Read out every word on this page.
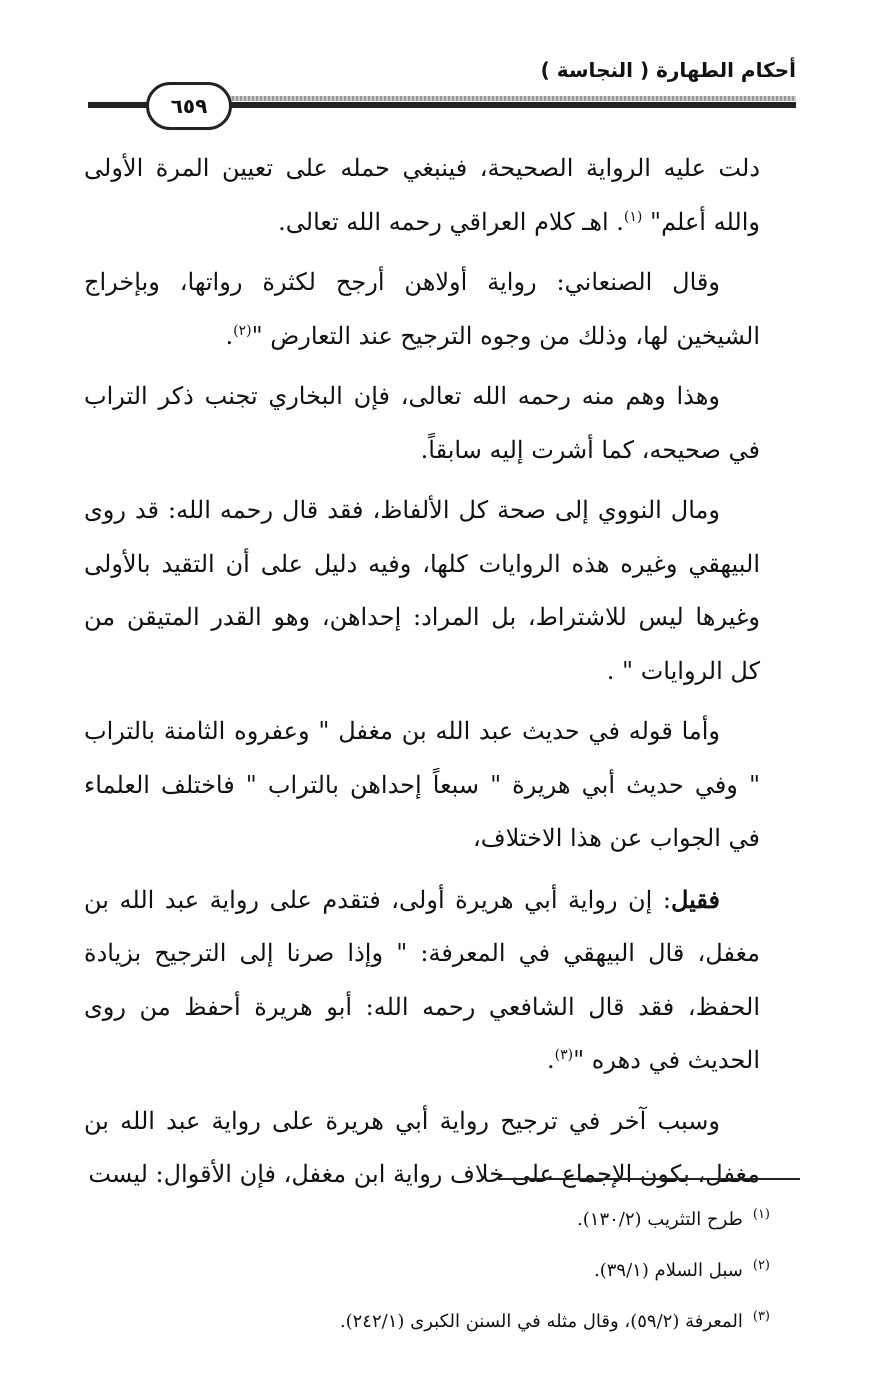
أحكام الطهارة ( النجاسة )
٦٥٩

دلت عليه الرواية الصحيحة، فينبغي حمله على تعيين المرة الأولى والله أعلم" $^{(١)}$. اهـ كلام العراقي رحمه الله تعالى.

وقال الصنعاني: رواية أولاهن أرجح لكثرة رواتها، وبإخراج الشيخين لها، وذلك من وجوه الترجيح عند التعارض "$^{(٢)}$.

وهذا وهم منه رحمه الله تعالى، فإن البخاري تجنب ذكر التراب في صحيحه، كما أشرت إليه سابقاً.

ومال النووي إلى صحة كل الألفاظ، فقد قال رحمه الله: قد روى البيهقي وغيره هذه الروايات كلها، وفيه دليل على أن التقيد بالأولى وغيرها ليس للاشتراط، بل المراد: إحداهن، وهو القدر المتيقن من كل الروايات " .

وأما قوله في حديث عبد الله بن مغفل " وعفروه الثامنة بالتراب " وفي حديث أبي هريرة " سبعاً إحداهن بالتراب " فاختلف العلماء في الجواب عن هذا الاختلاف،

فقيل: إن رواية أبي هريرة أولى، فتقدم على رواية عبد الله بن مغفل، قال البيهقي في المعرفة: " وإذا صرنا إلى الترجيح بزيادة الحفظ، فقد قال الشافعي رحمه الله: أبو هريرة أحفظ من روى الحديث في دهره "$^{(٣)}$.

وسبب آخر في ترجيح رواية أبي هريرة على رواية عبد الله بن مغفل، بكون الإجماع على خلاف رواية ابن مغفل، فإن الأقوال: ليست

$^{(١)}$طرح التثريب (١٣٠/٢).

$^{(٢)}$سبل السلام (٣٩/١).

$^{(٣)}$المعرفة (٥٩/٢)، وقال مثله في السنن الكبرى (٢٤٢/١).
